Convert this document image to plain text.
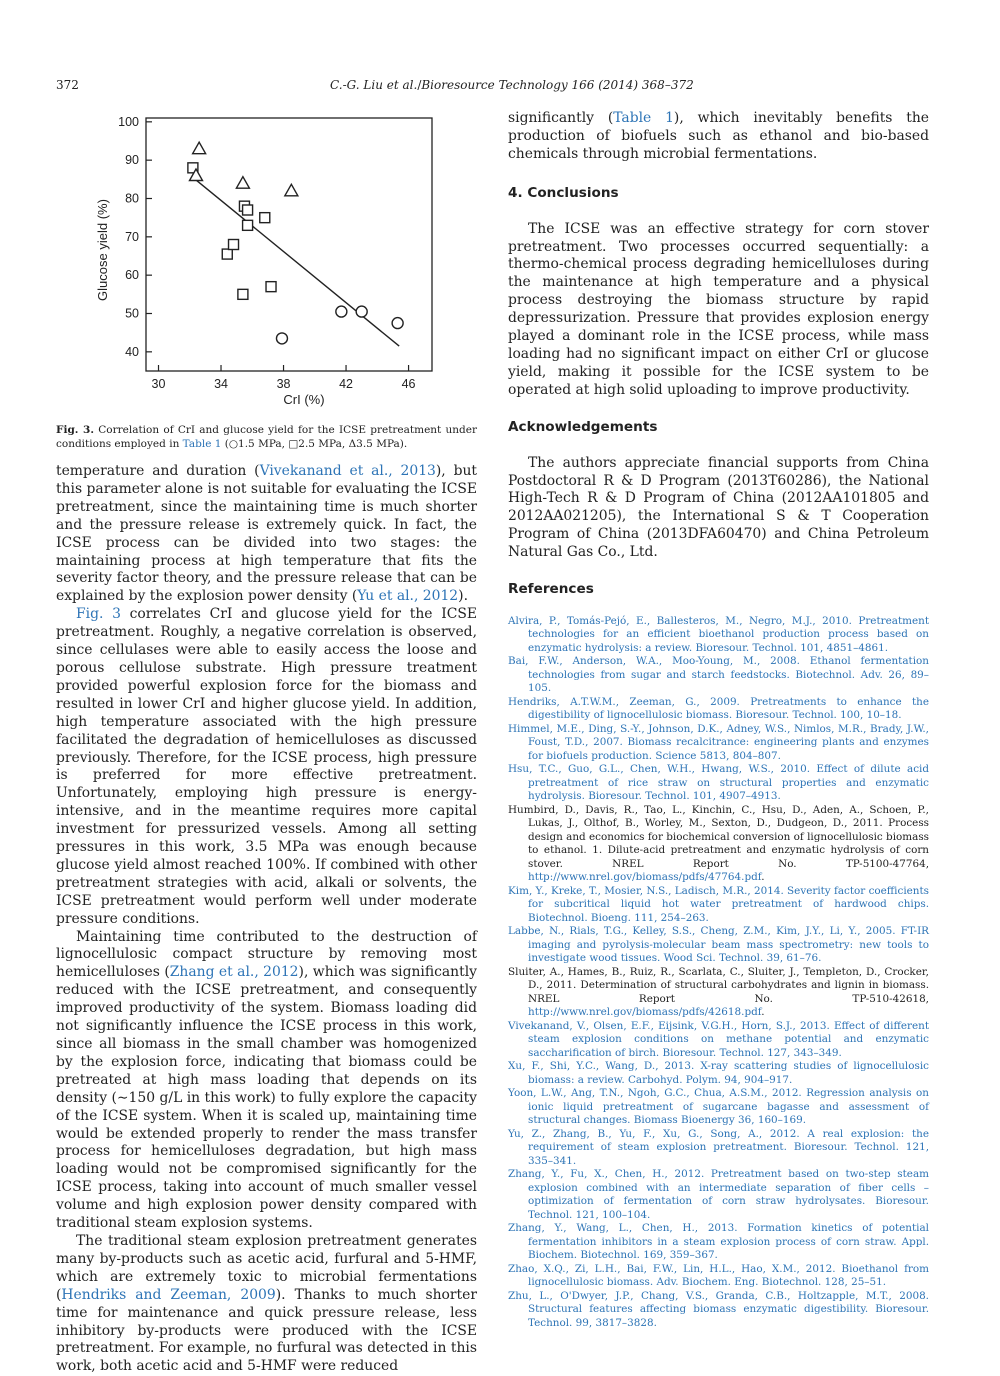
372	C.-G. Liu et al./Bioresource Technology 166 (2014) 368–372
30	34	38	42	46
40
50
60
70
80
90
100
CrI (%)
Glucose yield (%)
Fig. 3. Correlation of CrI and glucose yield for the ICSE pretreatment under conditions employed in Table 1 (○1.5 MPa, □2.5 MPa, Δ3.5 MPa).

temperature and duration (Vivekanand et al., 2013), but this parameter alone is not suitable for evaluating the ICSE pretreatment, since the maintaining time is much shorter and the pressure release is extremely quick. In fact, the ICSE process can be divided into two stages: the maintaining process at high temperature that fits the severity factor theory, and the pressure release that can be explained by the explosion power density (Yu et al., 2012).

Fig. 3 correlates CrI and glucose yield for the ICSE pretreatment. Roughly, a negative correlation is observed, since cellulases were able to easily access the loose and porous cellulose substrate. High pressure treatment provided powerful explosion force for the biomass and resulted in lower CrI and higher glucose yield. In addition, high temperature associated with the high pressure facilitated the degradation of hemicelluloses as discussed previously. Therefore, for the ICSE process, high pressure is preferred for more effective pretreatment. Unfortunately, employing high pressure is energy-intensive, and in the meantime requires more capital investment for pressurized vessels. Among all setting pressures in this work, 3.5 MPa was enough because glucose yield almost reached 100%. If combined with other pretreatment strategies with acid, alkali or solvents, the ICSE pretreatment would perform well under moderate pressure conditions.

Maintaining time contributed to the destruction of lignocellulosic compact structure by removing most hemicelluloses (Zhang et al., 2012), which was significantly reduced with the ICSE pretreatment, and consequently improved productivity of the system. Biomass loading did not significantly influence the ICSE process in this work, since all biomass in the small chamber was homogenized by the explosion force, indicating that biomass could be pretreated at high mass loading that depends on its density (∼150 g/L in this work) to fully explore the capacity of the ICSE system. When it is scaled up, maintaining time would be extended properly to render the mass transfer process for hemicelluloses degradation, but high mass loading would not be compromised significantly for the ICSE process, taking into account of much smaller vessel volume and high explosion power density compared with traditional steam explosion systems.

The traditional steam explosion pretreatment generates many by-products such as acetic acid, furfural and 5-HMF, which are extremely toxic to microbial fermentations (Hendriks and Zeeman, 2009). Thanks to much shorter time for maintenance and quick pressure release, less inhibitory by-products were produced with the ICSE pretreatment. For example, no furfural was detected in this work, both acetic acid and 5-HMF were reduced

significantly (Table 1), which inevitably benefits the production of biofuels such as ethanol and bio-based chemicals through microbial fermentations.

4. Conclusions

The ICSE was an effective strategy for corn stover pretreatment. Two processes occurred sequentially: a thermo-chemical process degrading hemicelluloses during the maintenance at high temperature and a physical process destroying the biomass structure by rapid depressurization. Pressure that provides explosion energy played a dominant role in the ICSE process, while mass loading had no significant impact on either CrI or glucose yield, making it possible for the ICSE system to be operated at high solid uploading to improve productivity.

Acknowledgements

The authors appreciate financial supports from China Postdoctoral R & D Program (2013T60286), the National High-Tech R & D Program of China (2012AA101805 and 2012AA021205), the International S & T Cooperation Program of China (2013DFA60470) and China Petroleum Natural Gas Co., Ltd.

References
Alvira, P., Tomás-Pejó, E., Ballesteros, M., Negro, M.J., 2010. Pretreatment technologies for an efficient bioethanol production process based on enzymatic hydrolysis: a review. Bioresour. Technol. 101, 4851–4861.
Bai, F.W., Anderson, W.A., Moo-Young, M., 2008. Ethanol fermentation technologies from sugar and starch feedstocks. Biotechnol. Adv. 26, 89–105.
Hendriks, A.T.W.M., Zeeman, G., 2009. Pretreatments to enhance the digestibility of lignocellulosic biomass. Bioresour. Technol. 100, 10–18.
Himmel, M.E., Ding, S.-Y., Johnson, D.K., Adney, W.S., Nimlos, M.R., Brady, J.W., Foust, T.D., 2007. Biomass recalcitrance: engineering plants and enzymes for biofuels production. Science 5813, 804–807.
Hsu, T.C., Guo, G.L., Chen, W.H., Hwang, W.S., 2010. Effect of dilute acid pretreatment of rice straw on structural properties and enzymatic hydrolysis. Bioresour. Technol. 101, 4907–4913.
Humbird, D., Davis, R., Tao, L., Kinchin, C., Hsu, D., Aden, A., Schoen, P., Lukas, J., Olthof, B., Worley, M., Sexton, D., Dudgeon, D., 2011. Process design and economics for biochemical conversion of lignocellulosic biomass to ethanol. 1. Dilute-acid pretreatment and enzymatic hydrolysis of corn stover. NREL Report No. TP-5100-47764, http://www.nrel.gov/biomass/pdfs/47764.pdf.
Kim, Y., Kreke, T., Mosier, N.S., Ladisch, M.R., 2014. Severity factor coefficients for subcritical liquid hot water pretreatment of hardwood chips. Biotechnol. Bioeng. 111, 254–263.
Labbe, N., Rials, T.G., Kelley, S.S., Cheng, Z.M., Kim, J.Y., Li, Y., 2005. FT-IR imaging and pyrolysis-molecular beam mass spectrometry: new tools to investigate wood tissues. Wood Sci. Technol. 39, 61–76.
Sluiter, A., Hames, B., Ruiz, R., Scarlata, C., Sluiter, J., Templeton, D., Crocker, D., 2011. Determination of structural carbohydrates and lignin in biomass. NREL Report No. TP-510-42618, http://www.nrel.gov/biomass/pdfs/42618.pdf.
Vivekanand, V., Olsen, E.F., Eijsink, V.G.H., Horn, S.J., 2013. Effect of different steam explosion conditions on methane potential and enzymatic saccharification of birch. Bioresour. Technol. 127, 343–349.
Xu, F., Shi, Y.C., Wang, D., 2013. X-ray scattering studies of lignocellulosic biomass: a review. Carbohyd. Polym. 94, 904–917.
Yoon, L.W., Ang, T.N., Ngoh, G.C., Chua, A.S.M., 2012. Regression analysis on ionic liquid pretreatment of sugarcane bagasse and assessment of structural changes. Biomass Bioenergy 36, 160–169.
Yu, Z., Zhang, B., Yu, F., Xu, G., Song, A., 2012. A real explosion: the requirement of steam explosion pretreatment. Bioresour. Technol. 121, 335–341.
Zhang, Y., Fu, X., Chen, H., 2012. Pretreatment based on two-step steam explosion combined with an intermediate separation of fiber cells – optimization of fermentation of corn straw hydrolysates. Bioresour. Technol. 121, 100–104.
Zhang, Y., Wang, L., Chen, H., 2013. Formation kinetics of potential fermentation inhibitors in a steam explosion process of corn straw. Appl. Biochem. Biotechnol. 169, 359–367.
Zhao, X.Q., Zi, L.H., Bai, F.W., Lin, H.L., Hao, X.M., 2012. Bioethanol from lignocellulosic biomass. Adv. Biochem. Eng. Biotechnol. 128, 25–51.
Zhu, L., O'Dwyer, J.P., Chang, V.S., Granda, C.B., Holtzapple, M.T., 2008. Structural features affecting biomass enzymatic digestibility. Bioresour. Technol. 99, 3817–3828.
